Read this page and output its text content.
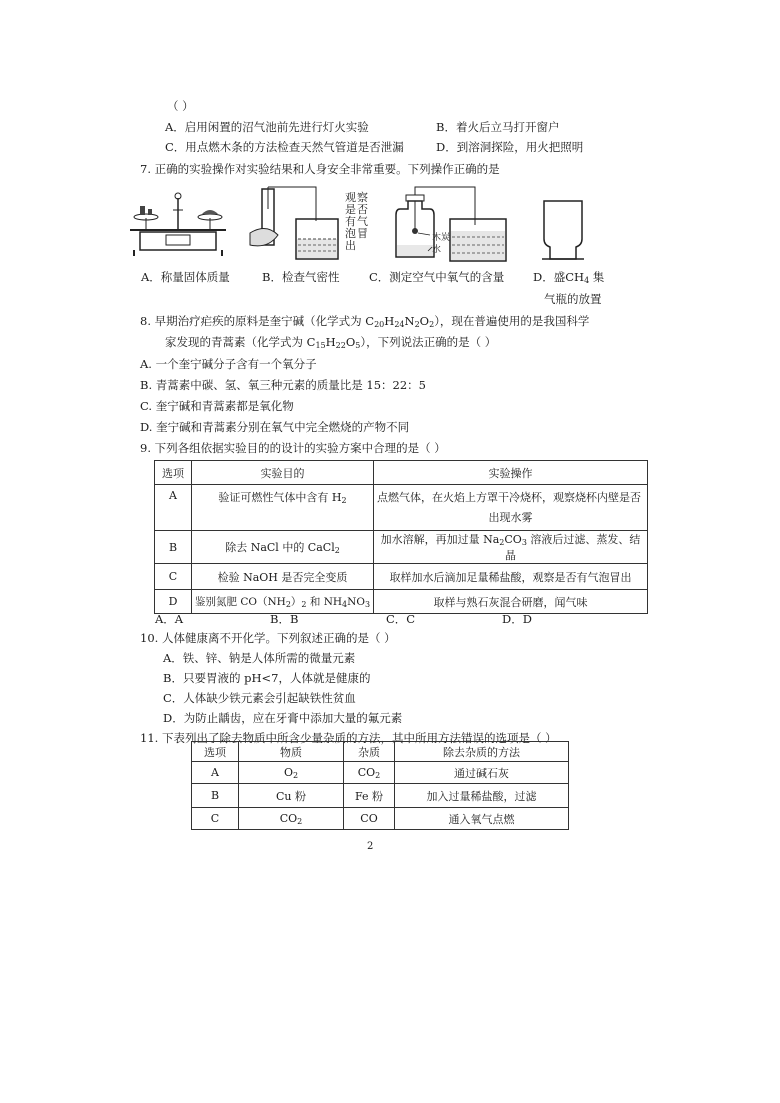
（ ）
A．启用闲置的沼气池前先进行灯火实验	B．着火后立马打开窗户
C．用点燃木条的方法检查天然气管道是否泄漏	D．到溶洞探险，用火把照明
7. 正确的实验操作对实验结果和人身安全非常重要。下列操作正确的是
观
是
有
泡
出
察
否
气
冒	木炭
水
A．称量固体质量	B．检查气密性	C．测定空气中氧气的含量 D．盛$CH_4$ 集
气瓶的放置
8. 早期治疗疟疾的原料是奎宁碱（化学式为 $C_{20}H_{24}N_2O_2$），现在普遍使用的是我国科学
家发现的青蒿素（化学式为 $C_{15}H_{22}O_5$），下列说法正确的是（ ）
A. 一个奎宁碱分子含有一个氧分子
B. 青蒿素中碳、氢、氧三种元素的质量比是 15：22：5
C. 奎宁碱和青蒿素都是氧化物
D. 奎宁碱和青蒿素分别在氧气中完全燃烧的产物不同
9. 下列各组依据实验目的的设计的实验方案中合理的是（ ）
选项	实验目的	实验操作
A	验证可燃性气体中含有 $H_2$	点燃气体，在火焰上方罩干冷烧杯，观察烧杯内壁是否
出现水雾

B	除去 NaCl 中的 CaCl$_2$	加水溶解，再加过量 $Na_2CO_3$ 溶液后过滤、蒸发、结晶
C	检验 NaOH 是否完全变质	取样加水后滴加足量稀盐酸，观察是否有气泡冒出
D	鉴别氮肥 $CO(NH_2)_2$ 和 $NH_4NO_3$	取样与熟石灰混合研磨，闻气味
A．A	B．B	C．C	D．D
10. 人体健康离不开化学。下列叙述正确的是（ ）
A．铁、锌、钠是人体所需的微量元素
B．只要胃液的 pH<7，人体就是健康的
C．人体缺少铁元素会引起缺铁性贫血
D．为防止龋齿，应在牙膏中添加大量的氟元素
11. 下表列出了除去物质中所含少量杂质的方法，其中所用方法错误的选项是（ ）
选项	物质	杂质	除去杂质的方法
A	$O_2$	$CO_2$	通过碱石灰
B	Cu 粉	Fe 粉	加入过量稀盐酸，过滤
C	$CO_2$	CO	通入氧气点燃
2
